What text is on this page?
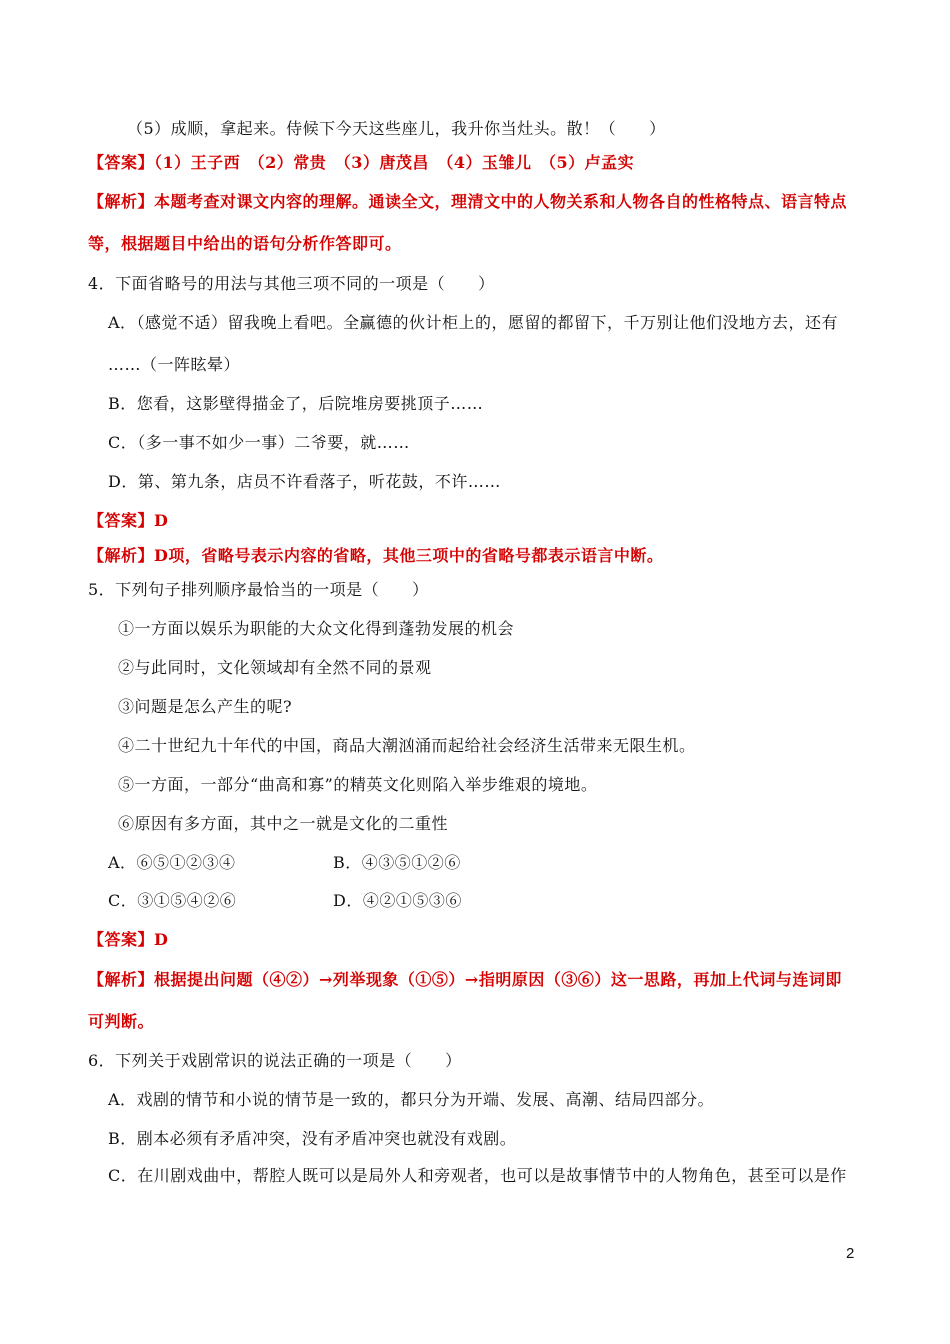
（5）成顺，拿起来。侍候下今天这些座儿，我升你当灶头。散！（　　）
【答案】（1）王子西　（2）常贵　（3）唐茂昌　（4）玉雏儿　（5）卢孟实
【解析】本题考查对课文内容的理解。通读全文，理清文中的人物关系和人物各自的性格特点、语言特点
等，根据题目中给出的语句分析作答即可。
4．下面省略号的用法与其他三项不同的一项是（　　）
A．（感觉不适）留我晚上看吧。全赢德的伙计柜上的，愿留的都留下，千万别让他们没地方去，还有
……（一阵眩晕）
B．您看，这影壁得描金了，后院堆房要挑顶子……
C．（多一事不如少一事）二爷要，就……
D．第、第九条，店员不许看落子，听花鼓，不许……
【答案】D
【解析】D项，省略号表示内容的省略，其他三项中的省略号都表示语言中断。
5．下列句子排列顺序最恰当的一项是（　　）
①一方面以娱乐为职能的大众文化得到蓬勃发展的机会
②与此同时，文化领域却有全然不同的景观
③问题是怎么产生的呢?
④二十世纪九十年代的中国，商品大潮汹涌而起给社会经济生活带来无限生机。
⑤一方面，一部分“曲高和寡”的精英文化则陷入举步维艰的境地。
⑥原因有多方面，其中之一就是文化的二重性
A．⑥⑤①②③④	B．④③⑤①②⑥
C．③①⑤④②⑥	D．④②①⑤③⑥
【答案】D
【解析】根据提出问题（④②）→列举现象（①⑤）→指明原因（③⑥）这一思路，再加上代词与连词即
可判断。
6．下列关于戏剧常识的说法正确的一项是（　　）
A．戏剧的情节和小说的情节是一致的，都只分为开端、发展、高潮、结局四部分。
B．剧本必须有矛盾冲突，没有矛盾冲突也就没有戏剧。
C．在川剧戏曲中，帮腔人既可以是局外人和旁观者，也可以是故事情节中的人物角色，甚至可以是作
2
